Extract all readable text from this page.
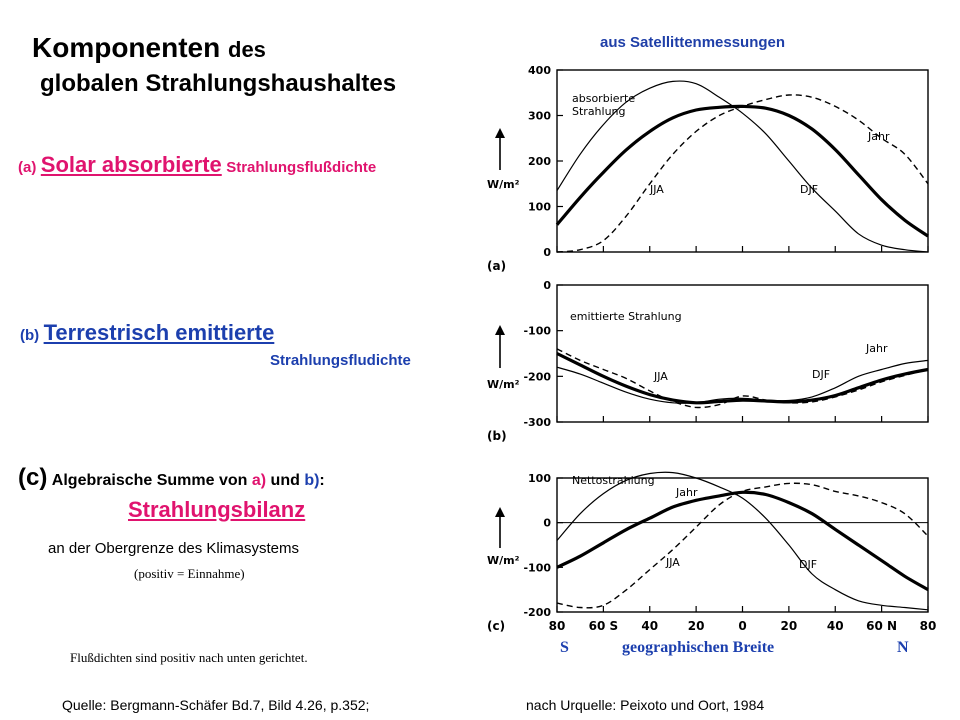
Komponenten des
globalen Strahlungshaushaltes
aus Satellittenmessungen
(a) Solar absorbierte Strahlungsflußdichte
(b) Terrestrisch emittierte
Strahlungsfludichte
(c) Algebraische Summe von a) und b):
Strahlungsbilanz
an der Obergrenze des Klimasystems
(positiv = Einnahme)
Flußdichten sind positiv nach unten gerichtet.
Quelle: Bergmann-Schäfer Bd.7, Bild 4.26, p.352;	nach Urquelle: Peixoto und Oort, 1984
S	geographischen Breite	N
0
100
200
300
400
Jahr
JJA	DJF
absorbierte
Strahlung
(a)
W/m²
0
-100
-200
-300
Jahr
JJA	DJF
emittierte Strahlung
(b)
W/m²
100
0
-100
-200
Jahr
JJA	DJF
Nettostrahlung
(c)
W/m²
80 60 S 40 20	0	20 40 60 N 80
